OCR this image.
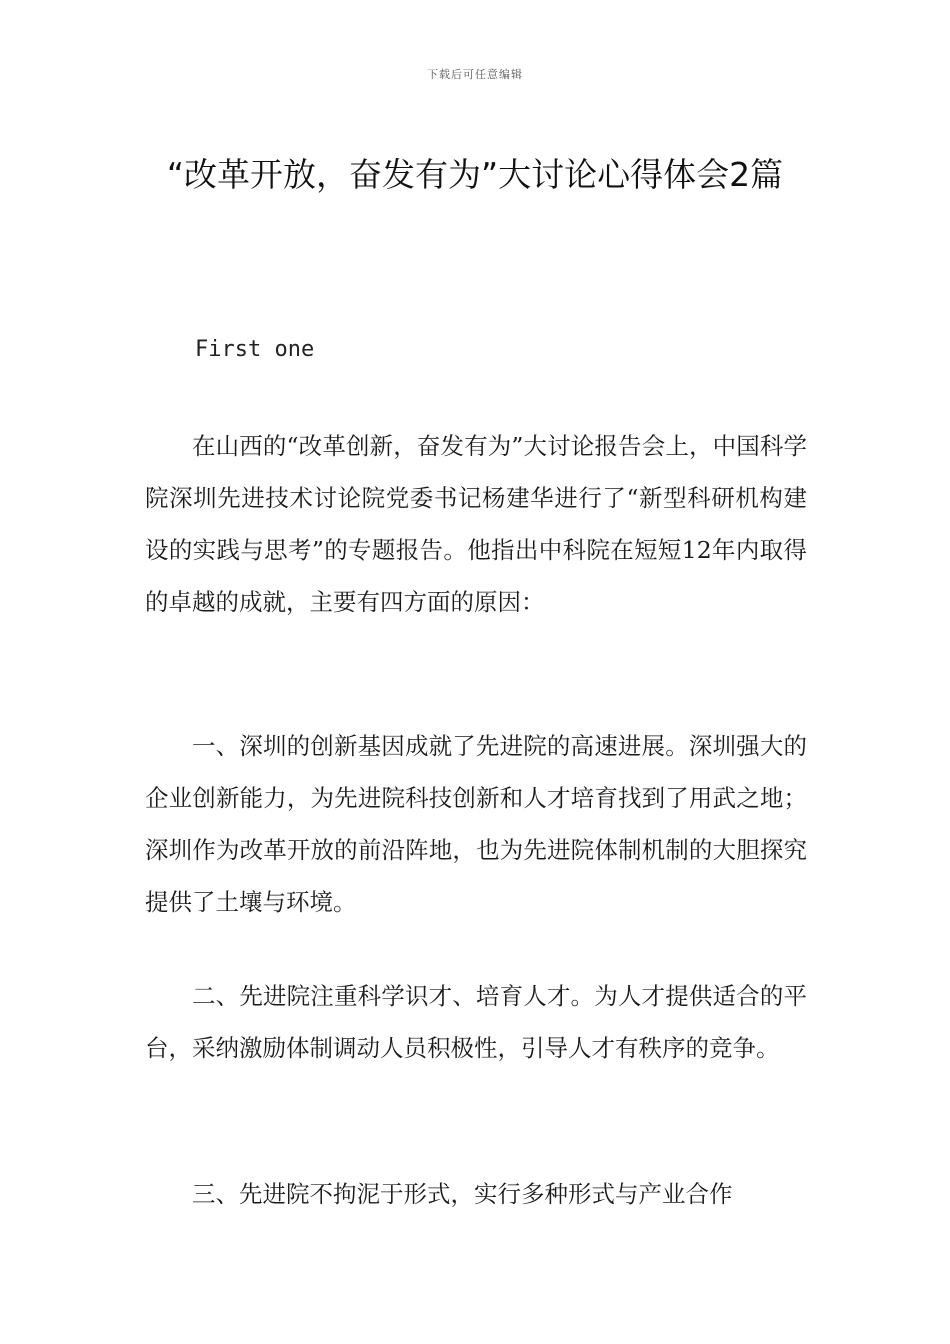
下载后可任意编辑
“改革开放，奋发有为”大讨论心得体会2篇

First one

在山西的“改革创新，奋发有为”大讨论报告会上，中国科学院深圳先进技术讨论院党委书记杨建华进行了“新型科研机构建设的实践与思考”的专题报告。他指出中科院在短短12年内取得的卓越的成就，主要有四方面的原因：

一、深圳的创新基因成就了先进院的高速进展。深圳强大的企业创新能力，为先进院科技创新和人才培育找到了用武之地；深圳作为改革开放的前沿阵地，也为先进院体制机制的大胆探究提供了土壤与环境。

二、先进院注重科学识才、培育人才。为人才提供适合的平台，采纳激励体制调动人员积极性，引导人才有秩序的竞争。

三、先进院不拘泥于形式，实行多种形式与产业合作
